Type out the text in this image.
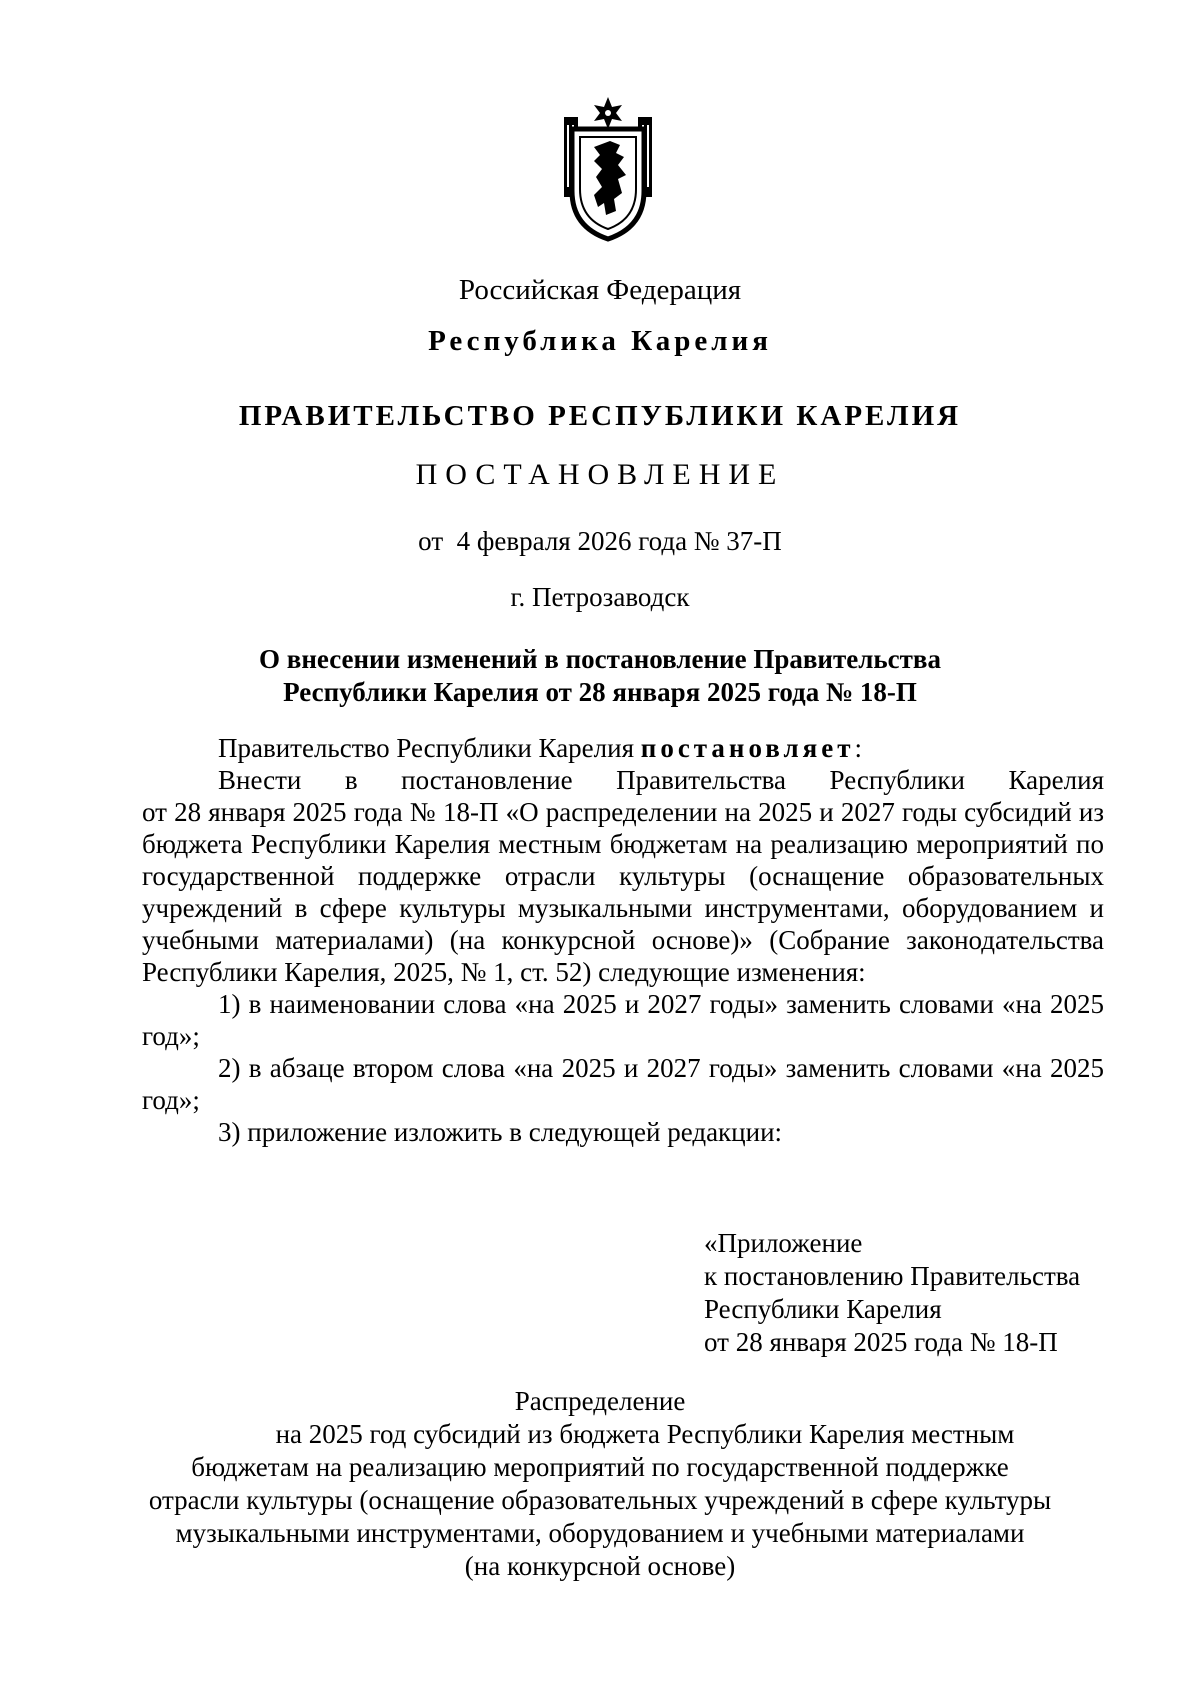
Российская Федерация
Республика Карелия
ПРАВИТЕЛЬСТВО РЕСПУБЛИКИ КАРЕЛИЯ
ПОСТАНОВЛЕНИЕ
от  4 февраля 2026 года № 37-П
г. Петрозаводск
О внесении изменений в постановление Правительства
Республики Карелия от 28 января 2025 года № 18-П

Правительство Республики Карелия постановляет:

Внести в постановление Правительства Республики Карелия

от 28 января 2025 года № 18-П «О распределении на 2025 и 2027 годы субсидий из бюджета Республики Карелия местным бюджетам на реализацию мероприятий по государственной поддержке отрасли культуры (оснащение образовательных учреждений в сфере культуры музыкальными инструментами, оборудованием и учебными материалами) (на конкурсной основе)» (Собрание законодательства Республики Карелия, 2025, № 1, ст. 52) следующие изменения:

1) в наименовании слова «на 2025 и 2027 годы» заменить словами «на 2025 год»;

2) в абзаце втором слова «на 2025 и 2027 годы» заменить словами «на 2025 год»;

3) приложение изложить в следующей редакции:

«Приложение
к постановлению Правительства
Республики Карелия
от 28 января 2025 года № 18-П
Распределение
на 2025 год субсидий из бюджета Республики Карелия местным
бюджетам на реализацию мероприятий по государственной поддержке
отрасли культуры (оснащение образовательных учреждений в сфере культуры
музыкальными инструментами, оборудованием и учебными материалами
(на конкурсной основе)
